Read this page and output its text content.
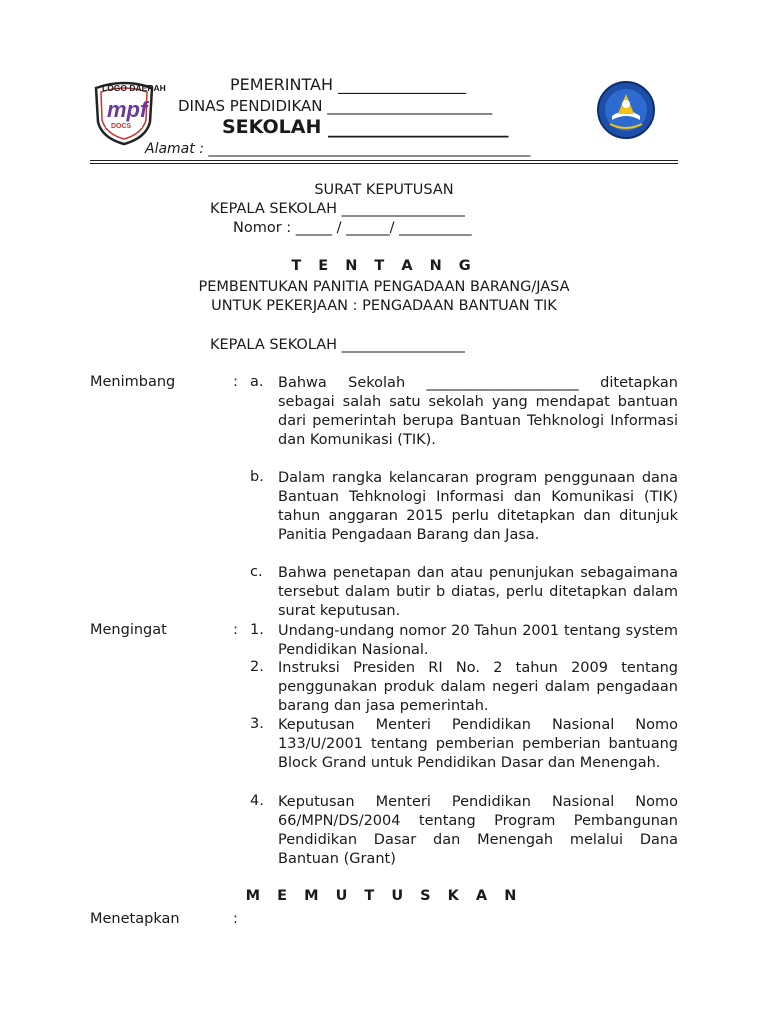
LOGO DAERAH
mpf
DOCS
PEMERINTAH ________________
DINAS PENDIDIKAN ______________________
SEKOLAH ___________________
Alamat : ______________________________________________
SURAT KEPUTUSAN
KEPALA SEKOLAH _________________
Nomor : _____ / ______/ __________
T E N T A N G
PEMBENTUKAN PANITIA PENGADAAN BARANG/JASA
UNTUK PEKERJAAN : PENGADAAN BANTUAN TIK
KEPALA SEKOLAH _________________
Menimbang	: a. Bahwa Sekolah _____________________ ditetapkan sebagai salah satu sekolah yang mendapat bantuan dari pemerintah berupa Bantuan Tehknologi Informasi dan Komunikasi (TIK).
b. Dalam rangka kelancaran program penggunaan dana Bantuan Tehknologi Informasi dan Komunikasi (TIK) tahun anggaran 2015 perlu ditetapkan dan ditunjuk Panitia Pengadaan Barang dan Jasa.
c. Bahwa penetapan dan atau penunjukan sebagaimana tersebut dalam butir b diatas, perlu ditetapkan dalam surat keputusan.
Mengingat	: 1. Undang-undang nomor 20 Tahun 2001 tentang system Pendidikan Nasional.
2. Instruksi Presiden RI No. 2 tahun 2009 tentang penggunakan produk dalam negeri dalam pengadaan barang dan jasa pemerintah.
3. Keputusan Menteri Pendidikan Nasional Nomo 133/U/2001 tentang pemberian pemberian bantuang Block Grand untuk Pendidikan Dasar dan Menengah.
4. Keputusan Menteri Pendidikan Nasional Nomo 66/MPN/DS/2004 tentang Program Pembangunan Pendidikan Dasar dan Menengah melalui Dana Bantuan (Grant)
M E M U T U S K A N
Menetapkan	:
